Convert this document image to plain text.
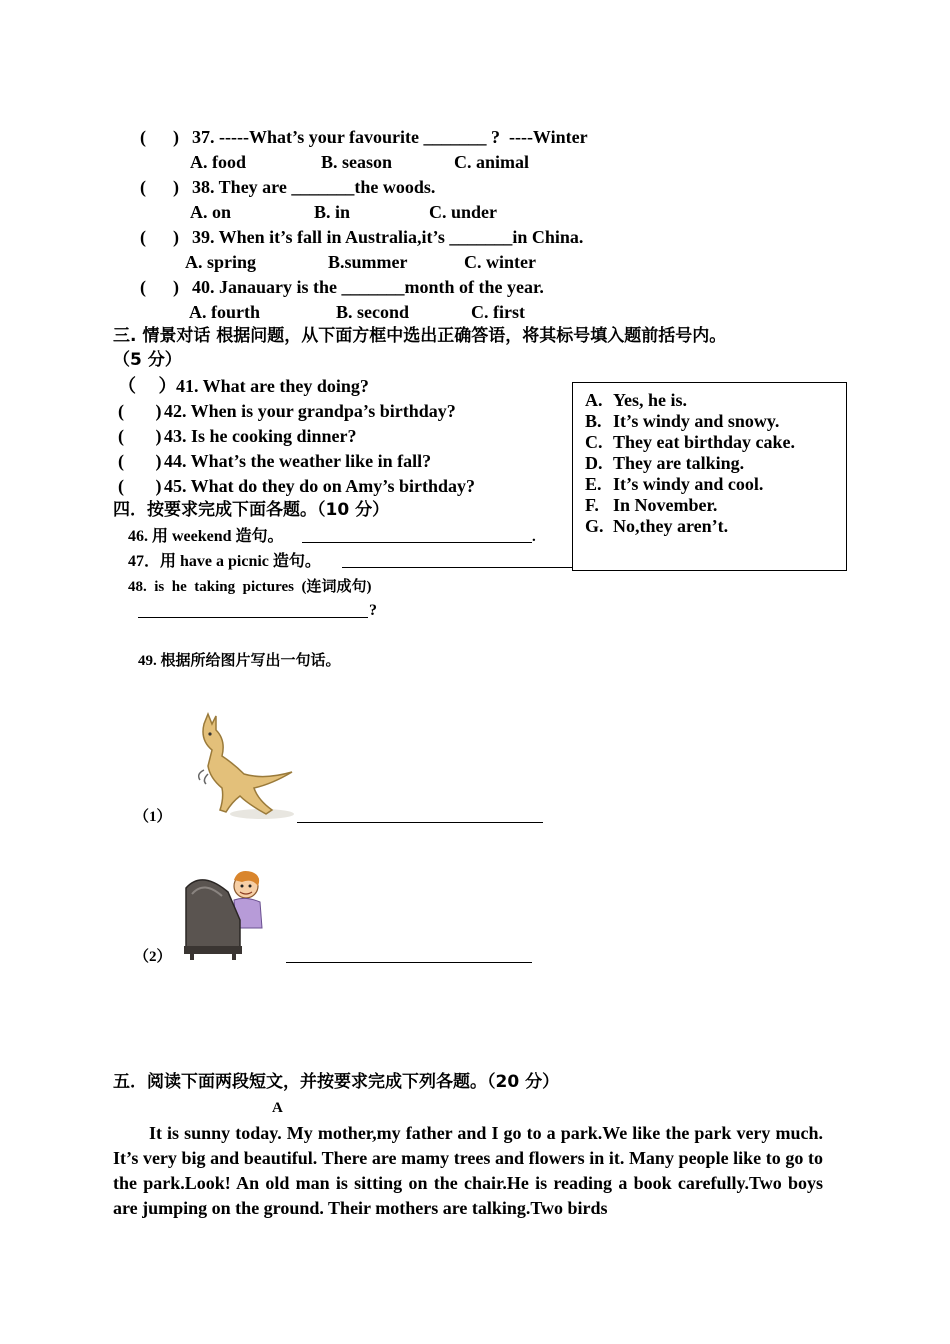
(      ) 37. -----What’s your favourite _______ ?  ----Winter
A. food	B. season	C. animal
(      ) 38. They are _______the woods.
A. on	B. in	C. under
(      ) 39. When it’s fall in Australia,it’s _______in China.
A. spring	B.summer	C. winter
(      ) 40. Janauary is the _______month of the year.
A. fourth	B. second	C. first
三. 情景对话 根据问题，从下面方框中选出正确答语，将其标号填入题前括号内。
（5 分）
（     ） 41. What are they doing?
(       ) 42. When is your grandpa’s birthday?
(       ) 43. Is he cooking dinner?
(       ) 44. What’s the weather like in fall?
(       ) 45. What do they do on Amy’s birthday?
A. Yes, he is.
B. It’s windy and snowy.
C. They eat birthday cake.
D. They are talking.
E. It’s windy and cool.
F. In November.
G. No,they aren’t.
四．按要求完成下面各题。（10 分）
46. 用 weekend 造句。	.
47．用 have a picnic 造句。
48.  is  he  taking  pictures  (连词成句)
?
49. 根据所给图片写出一句话。
（1）
（2）
五．阅读下面两段短文，并按要求完成下列各题。（20 分）
A

It is sunny today. My mother,my father and I go to a park.We like the park very much. It’s very big and beautiful. There are mamy trees and flowers in it. Many people like to go to the park.Look! An old man is sitting on the chair.He is reading a book carefully.Two boys are jumping on the ground. Their mothers are talking.Two birds
